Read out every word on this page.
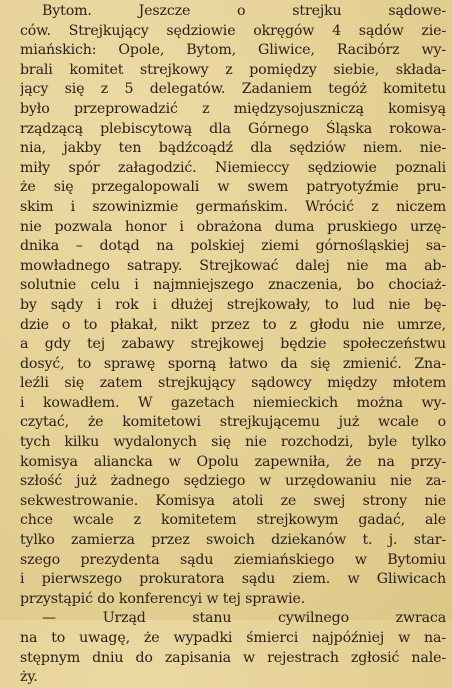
Bytom. Jeszcze o strejku sądowe-
ców. Strejkujący sędziowie okręgów 4 sądów zie-
miańskich: Opole, Bytom, Gliwice, Racibórz wy-
brali komitet strejkowy z pomiędzy siebie, składa-
jący się z 5 delegatów. Zadaniem tegóż komitetu
było przeprowadzić z międzysojuszniczą komisyą
rządzącą plebiscytową dla Górnego Śląska rokowa-
nia, jakby ten bądźcoądź dla sędziów niem. nie-
miły spór załagodzić. Niemieccy sędziowie poznali
że się przegalopowali w swem patryotyźmie pru-
skim i szowinizmie germańskim. Wrócić z niczem
nie pozwala honor i obrażona duma pruskiego urzę-
dnika – dotąd na polskiej ziemi górnośląskiej sa-
mowładnego satrapy. Strejkować dalej nie ma ab-
solutnie celu i najmniejszego znaczenia, bo chociaż-
by sądy i rok i dłużej strejkowały, to lud nie bę-
dzie o to płakał, nikt przez to z głodu nie umrze,
a gdy tej zabawy strejkowej będzie społeczeństwu
dosyć, to sprawę sporną łatwo da się zmienić. Zna-
leźli się zatem strejkujący sądowcy między młotem
i kowadłem. W gazetach niemieckich można wy-
czytać, że komitetowi strejkującemu już wcale o
tych kilku wydalonych się nie rozchodzi, byle tylko
komisya aliancka w Opolu zapewniła, że na przy-
szłość już żadnego sędziego w urzędowaniu nie za-
sekwestrowanie. Komisya atoli ze swej strony nie
chce wcale z komitetem strejkowym gadać, ale
tylko zamierza przez swoich dziekanów t. j. star-
szego prezydenta sądu ziemiańskiego w Bytomiu
i pierwszego prokuratora sądu ziem. w Gliwicach
przystąpić do konferencyi w tej sprawie.
— Urząd stanu cywilnego zwraca
na to uwagę, że wypadki śmierci najpóźniej w na-
stępnym dniu do zapisania w rejestrach zgłosić nale-
ży.
